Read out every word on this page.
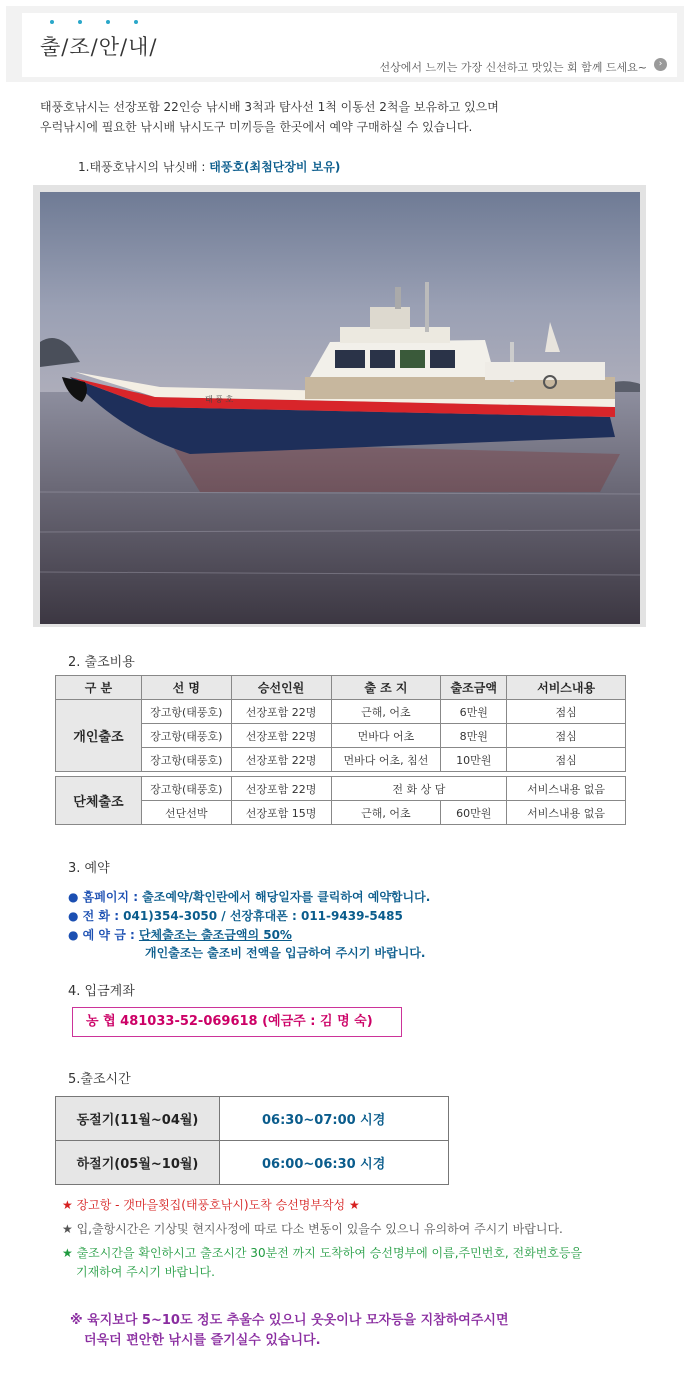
출/조/안/내/
선상에서 느끼는 가장 신선하고 맛있는 회 함께 드세요~	›
태풍호낚시는 선장포함 22인승 낚시배 3척과 탐사선 1척 이동선 2척을 보유하고 있으며
우럭낚시에 필요한 낚시배 낚시도구 미끼등을 한곳에서 예약 구매하실 수 있습니다.
1.태풍호낚시의 낚싯배 : 태풍호(최첨단장비 보유)
태 풍 호
2. 출조비용
구 분	선 명	승선인원	출 조 지	출조금액	서비스내용
개인출조	장고항(태풍호)	선장포함 22명	근해, 어초	6만원	점심
	장고항(태풍호)	선장포함 22명	먼바다 어초	8만원	점심
	장고항(태풍호)	선장포함 22명	먼바다 어초, 침선	10만원	점심

단체출조	장고항(태풍호)	선장포함 22명	전 화 상 담		서비스내용 없음
	선단선박	선장포함 15명	근해, 어초	60만원	서비스내용 없음
3. 예약
● 홈페이지 : 출조예약/확인란에서 해당일자를 클릭하여 예약합니다.
● 전 화 : 041)354-3050 / 선장휴대폰 : 011-9439-5485
● 예 약 금 : 단체출조는 출조금액의 50%
개인출조는 출조비 전액을 입금하여 주시기 바랍니다.
4. 입금계좌
농 협 481033-52-069618 (예금주 : 김 명 숙)
5.출조시간
동절기(11월~04월)	06:30~07:00 시경
하절기(05월~10월)	06:00~06:30 시경
★ 장고항 - 갯마을횟집(태풍호낚시)도착 승선명부작성 ★
★ 입,출항시간은 기상및 현지사정에 따로 다소 변동이 있을수 있으니 유의하여 주시기 바랍니다.
★ 출조시간을 확인하시고 출조시간 30분전 까지 도착하여 승선명부에 이름,주민번호, 전화번호등을
기재하여 주시기 바랍니다.
※ 육지보다 5~10도 정도 추울수 있으니 웃옷이나 모자등을 지참하여주시면
더욱더 편안한 낚시를 즐기실수 있습니다.
